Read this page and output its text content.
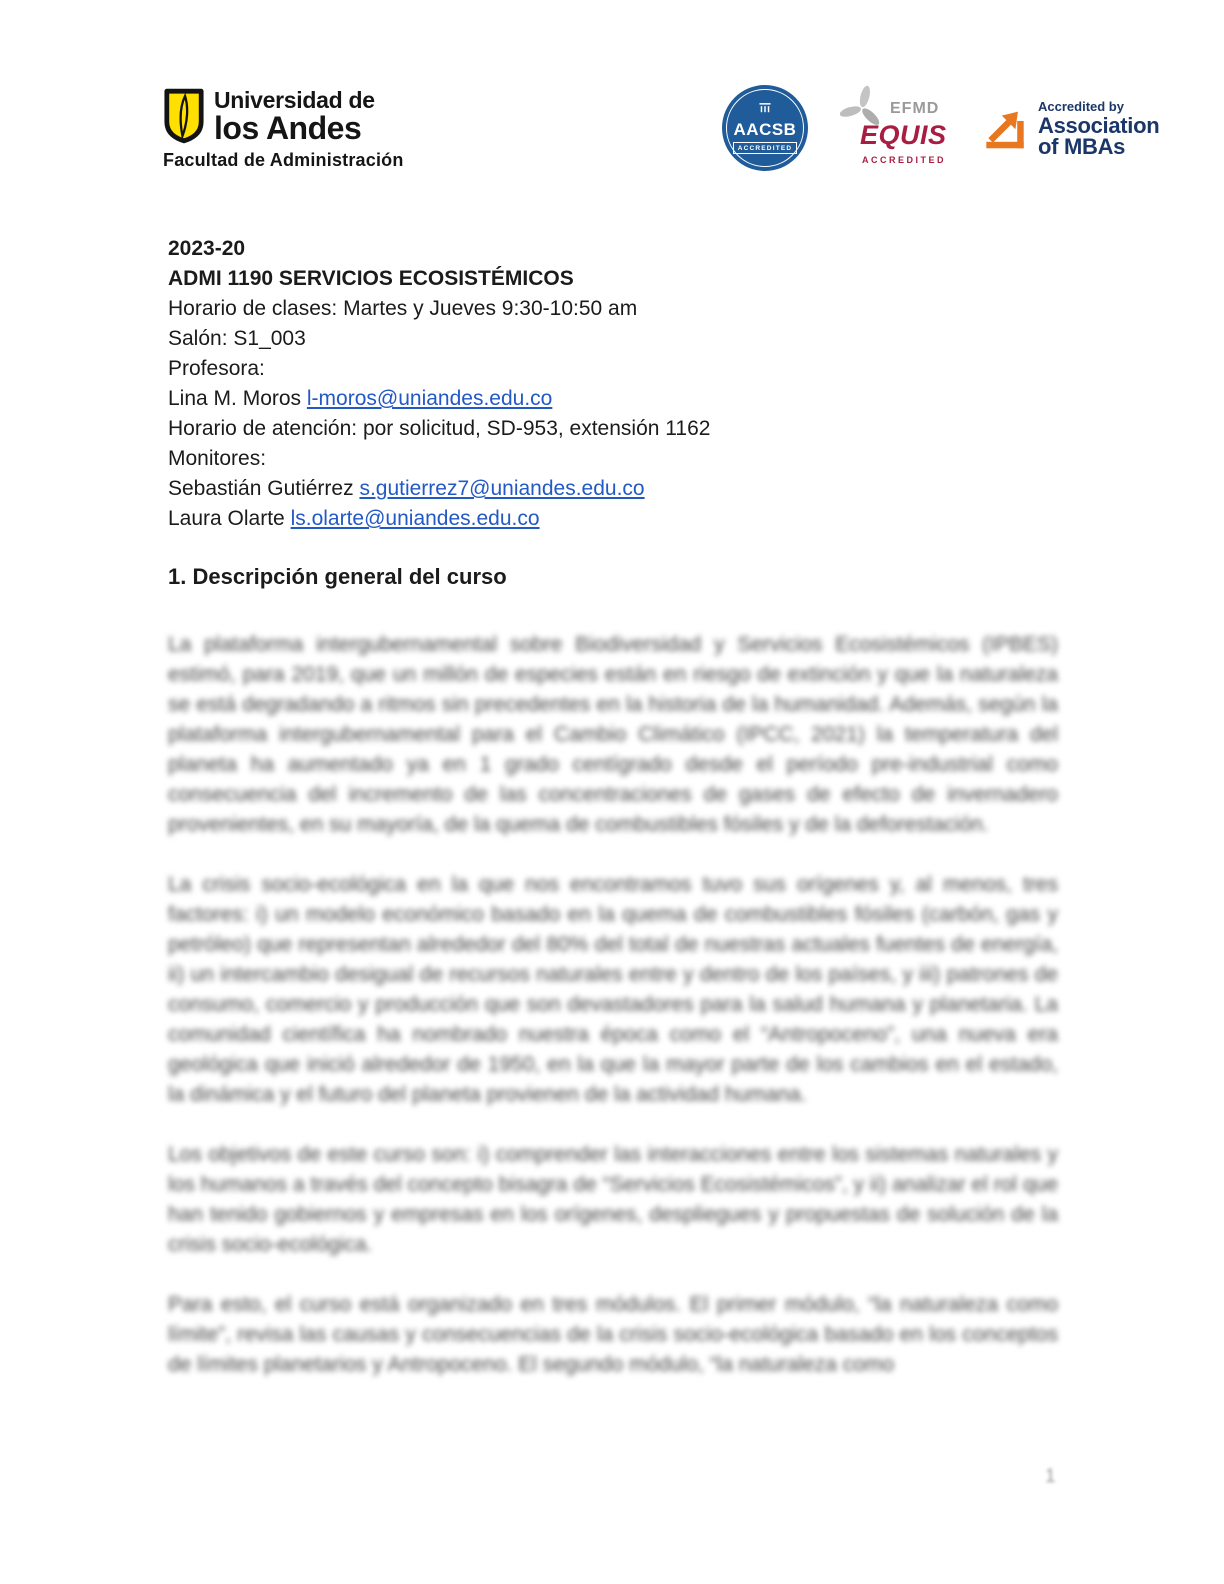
Universidad de
los Andes
Facultad de Administración
AACSB
ACCREDITED
EFMD
EQUIS
ACCREDITED
Accredited by
Association
of MBAs
2023-20
ADMI 1190 SERVICIOS ECOSISTÉMICOS
Horario de clases: Martes y Jueves 9:30-10:50 am
Salón: S1_003
Profesora:
Lina M. Moros l-moros@uniandes.edu.co
Horario de atención: por solicitud, SD-953, extensión 1162
Monitores:
Sebastián Gutiérrez s.gutierrez7@uniandes.edu.co
Laura Olarte ls.olarte@uniandes.edu.co
1. Descripción general del curso

La plataforma intergubernamental sobre Biodiversidad y Servicios Ecosistémicos (IPBES) estimó, para 2019, que un millón de especies están en riesgo de extinción y que la naturaleza se está degradando a ritmos sin precedentes en la historia de la humanidad. Además, según la plataforma intergubernamental para el Cambio Climático (IPCC, 2021) la temperatura del planeta ha aumentado ya en 1 grado centígrado desde el período pre-industrial como consecuencia del incremento de las concentraciones de gases de efecto de invernadero provenientes, en su mayoría, de la quema de combustibles fósiles y de la deforestación.

La crisis socio-ecológica en la que nos encontramos tuvo sus orígenes y, al menos, tres factores: i) un modelo económico basado en la quema de combustibles fósiles (carbón, gas y petróleo) que representan alrededor del 80% del total de nuestras actuales fuentes de energía, ii) un intercambio desigual de recursos naturales entre y dentro de los países, y iii) patrones de consumo, comercio y producción que son devastadores para la salud humana y planetaria. La comunidad científica ha nombrado nuestra época como el “Antropoceno”, una nueva era geológica que inició alrededor de 1950, en la que la mayor parte de los cambios en el estado, la dinámica y el futuro del planeta provienen de la actividad humana.

Los objetivos de este curso son: i) comprender las interacciones entre los sistemas naturales y los humanos a través del concepto bisagra de “Servicios Ecosistémicos”, y ii) analizar el rol que han tenido gobiernos y empresas en los orígenes, despliegues y propuestas de solución de la crisis socio-ecológica.

Para esto, el curso está organizado en tres módulos. El primer módulo, “la naturaleza como límite”, revisa las causas y consecuencias de la crisis socio-ecológica basado en los conceptos de límites planetarios y Antropoceno. El segundo módulo, “la naturaleza como

1
